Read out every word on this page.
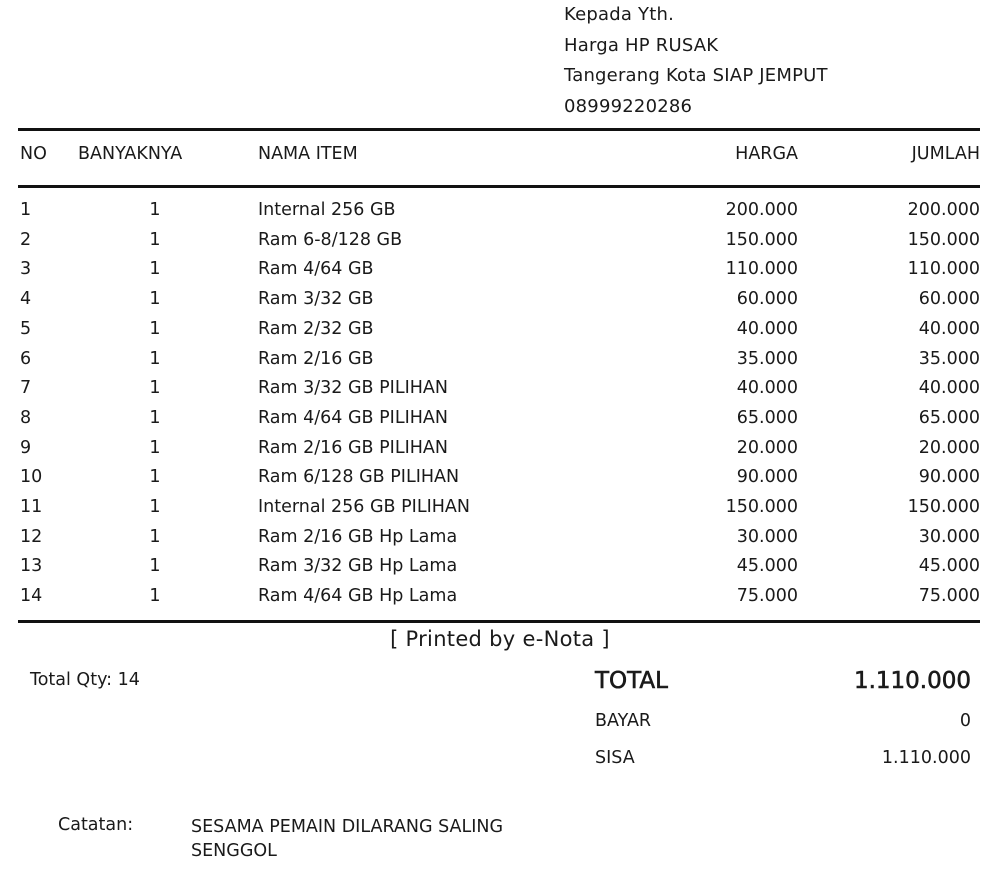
Kepada Yth.
Harga HP RUSAK
Tangerang Kota SIAP JEMPUT
08999220286
NO BANYAKNYA	NAMA ITEM	HARGA	JUMLAH
1	1	Internal 256 GB	200.000	200.000
2	1	Ram 6-8/128 GB	150.000	150.000
3	1	Ram 4/64 GB	110.000	110.000
4	1	Ram 3/32 GB	60.000	60.000
5	1	Ram 2/32 GB	40.000	40.000
6	1	Ram 2/16 GB	35.000	35.000
7	1	Ram 3/32 GB PILIHAN	40.000	40.000
8	1	Ram 4/64 GB PILIHAN	65.000	65.000
9	1	Ram 2/16 GB PILIHAN	20.000	20.000
10	1	Ram 6/128 GB PILIHAN	90.000	90.000
11	1	Internal 256 GB PILIHAN	150.000	150.000
12	1	Ram 2/16 GB Hp Lama	30.000	30.000
13	1	Ram 3/32 GB Hp Lama	45.000	45.000
14	1	Ram 4/64 GB Hp Lama	75.000	75.000
[ Printed by e-Nota ]
Total Qty: 14	TOTAL	1.110.000
BAYAR	0
SISA	1.110.000
Catatan:	SESAMA PEMAIN DILARANG SALING
SENGGOL
